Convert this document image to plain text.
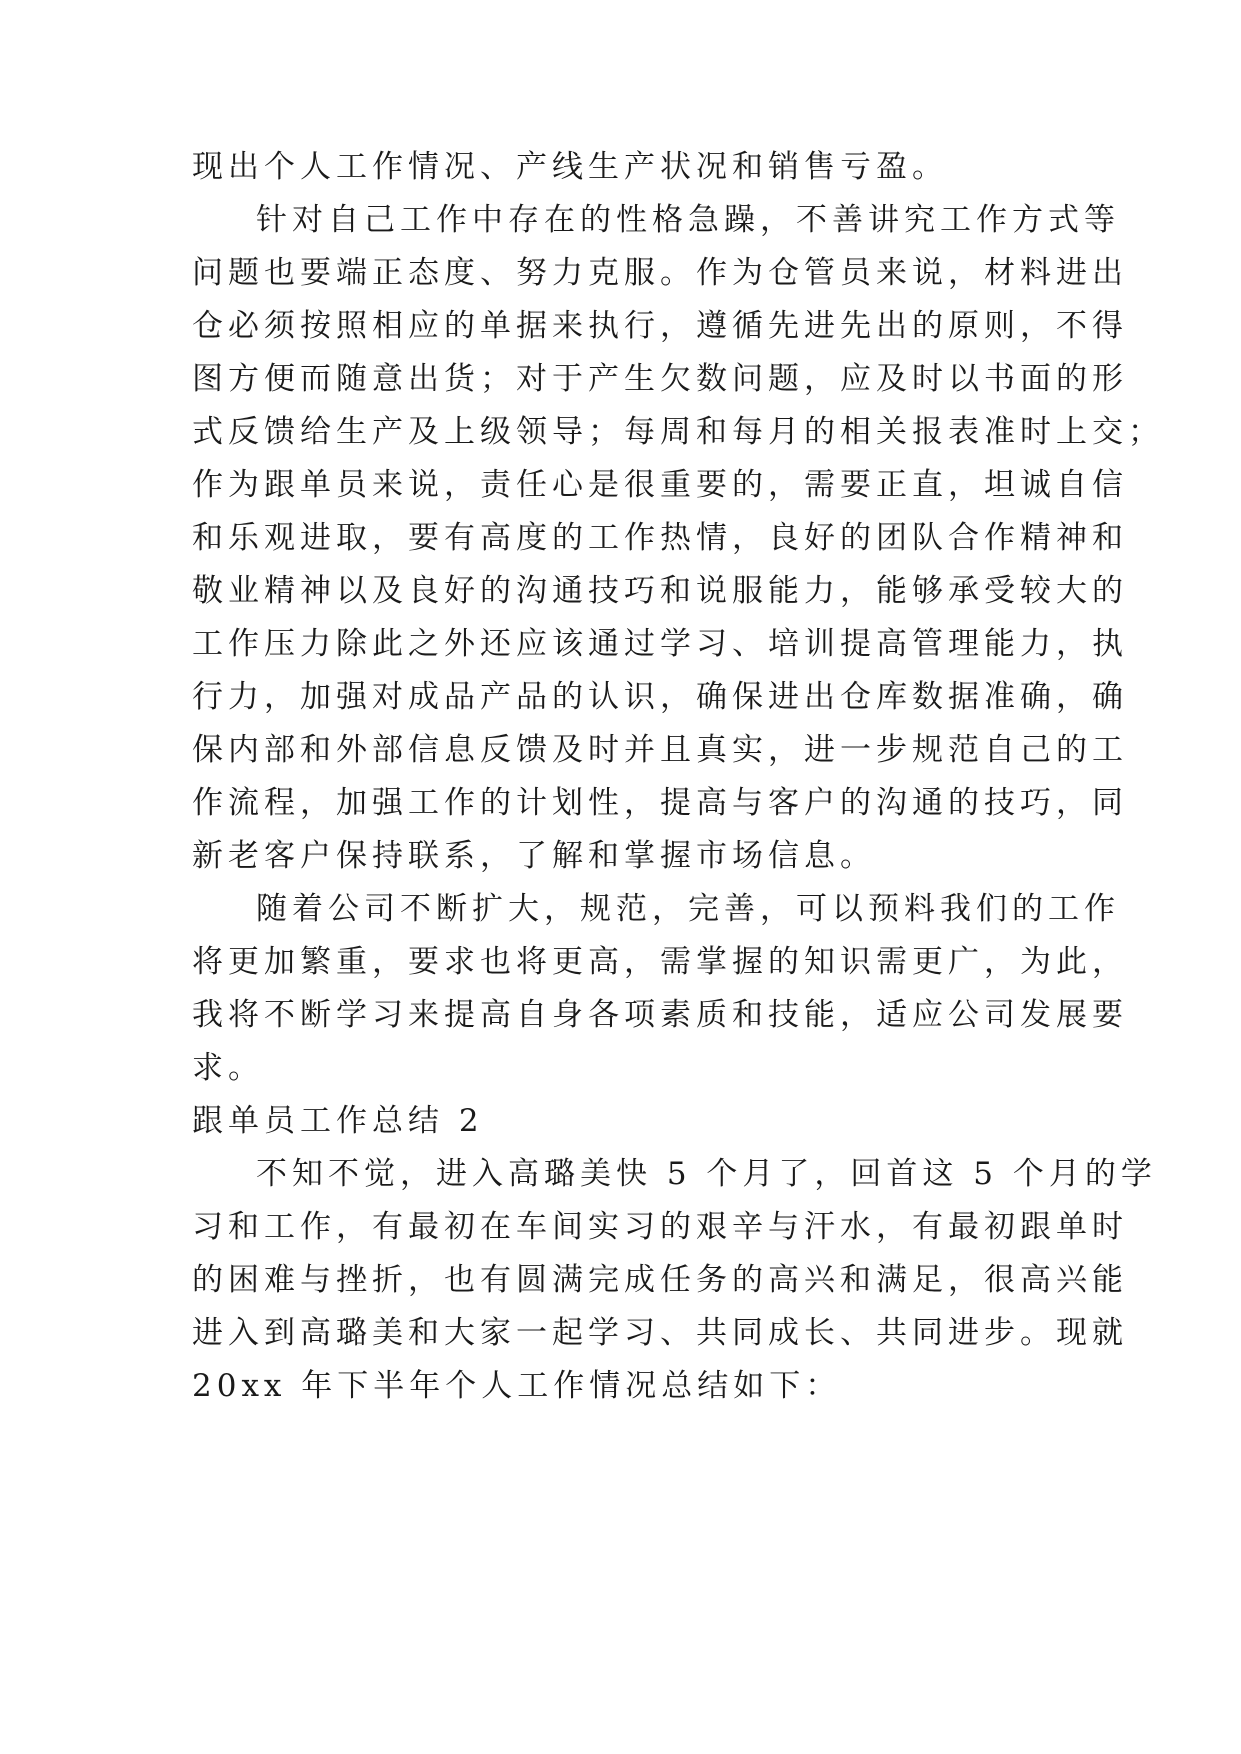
现出个人工作情况、产线生产状况和销售亏盈。
针对自己工作中存在的性格急躁，不善讲究工作方式等
问题也要端正态度、努力克服。作为仓管员来说，材料进出
仓必须按照相应的单据来执行，遵循先进先出的原则，不得
图方便而随意出货；对于产生欠数问题，应及时以书面的形
式反馈给生产及上级领导；每周和每月的相关报表准时上交；
作为跟单员来说，责任心是很重要的，需要正直，坦诚自信
和乐观进取，要有高度的工作热情，良好的团队合作精神和
敬业精神以及良好的沟通技巧和说服能力，能够承受较大的
工作压力除此之外还应该通过学习、培训提高管理能力，执
行力，加强对成品产品的认识，确保进出仓库数据准确，确
保内部和外部信息反馈及时并且真实，进一步规范自己的工
作流程，加强工作的计划性，提高与客户的沟通的技巧，同
新老客户保持联系，了解和掌握市场信息。
随着公司不断扩大，规范，完善，可以预料我们的工作
将更加繁重，要求也将更高，需掌握的知识需更广，为此，
我将不断学习来提高自身各项素质和技能，适应公司发展要
求。
跟单员工作总结 2
不知不觉，进入高璐美快 5 个月了，回首这 5 个月的学
习和工作，有最初在车间实习的艰辛与汗水，有最初跟单时
的困难与挫折，也有圆满完成任务的高兴和满足，很高兴能
进入到高璐美和大家一起学习、共同成长、共同进步。现就
20xx 年下半年个人工作情况总结如下：
